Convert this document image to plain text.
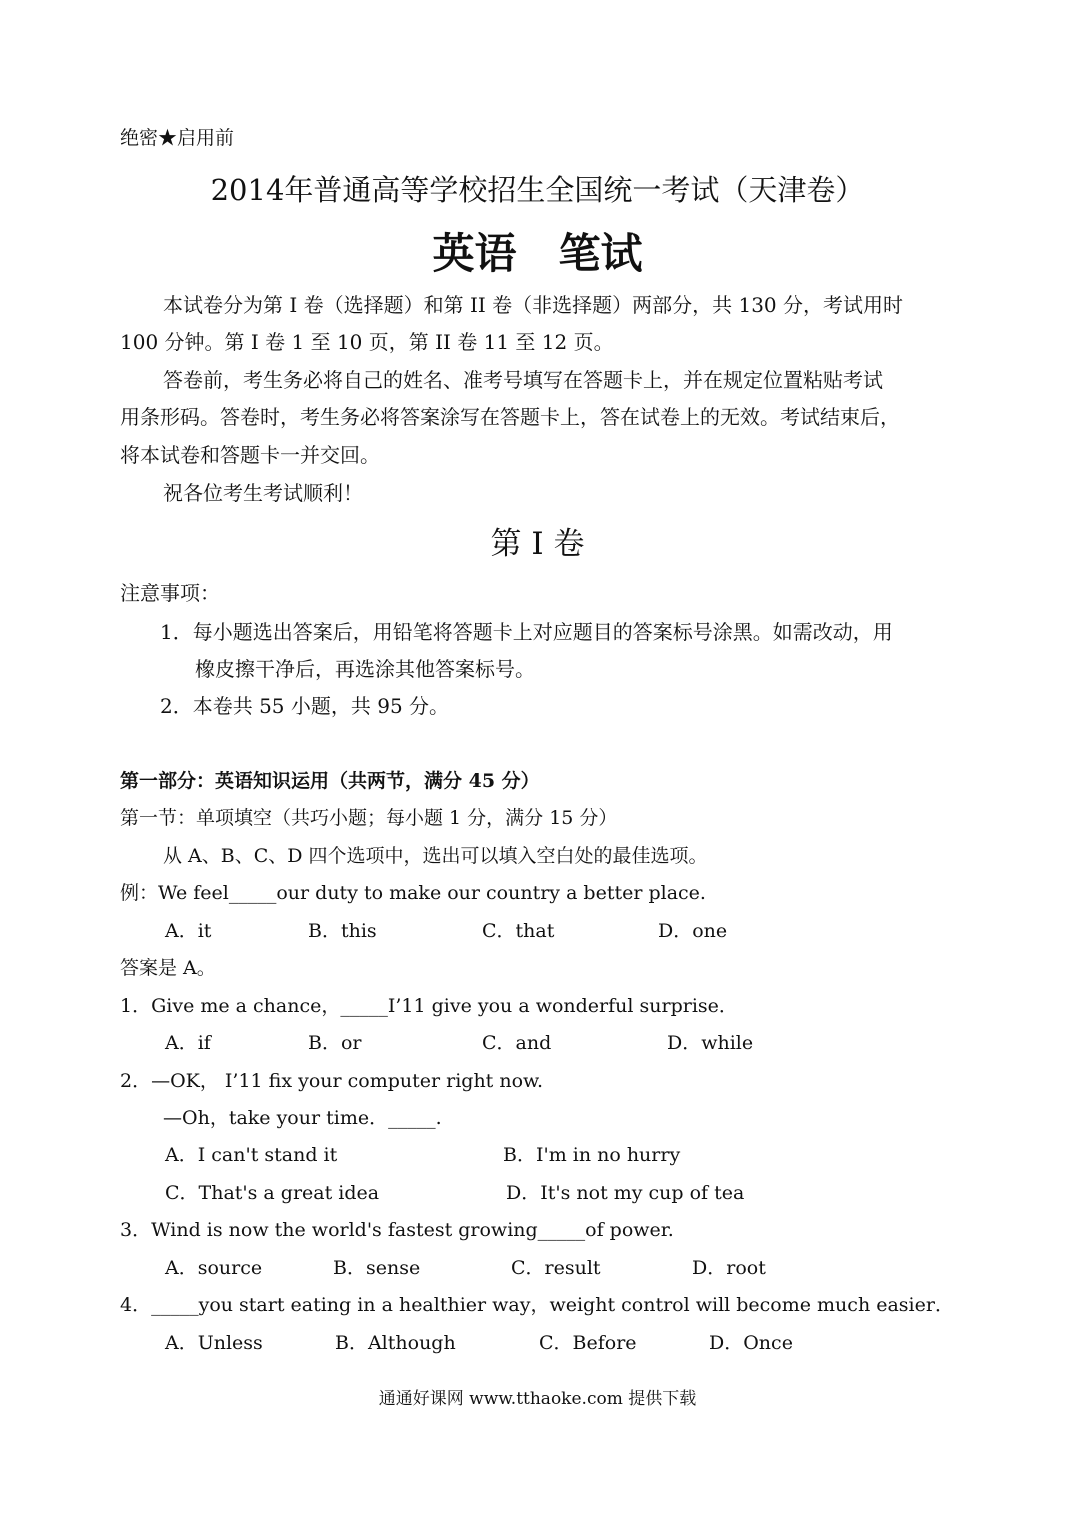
绝密★启用前
2014年普通高等学校招生全国统一考试（天津卷）
英语　笔试
本试卷分为第 I 卷（选择题）和第 II 卷（非选择题）两部分，共 130 分，考试用时
100 分钟。第 I 卷 1 至 10 页，第 II 卷 11 至 12 页。
答卷前，考生务必将自己的姓名、准考号填写在答题卡上，并在规定位置粘贴考试
用条形码。答卷时，考生务必将答案涂写在答题卡上，答在试卷上的无效。考试结束后，
将本试卷和答题卡一并交回。
祝各位考生考试顺利！
第 I 卷
注意事项：
1．每小题选出答案后，用铅笔将答题卡上对应题目的答案标号涂黑。如需改动，用
橡皮擦干净后，再选涂其他答案标号。
2．本卷共 55 小题，共 95 分。
第一部分：英语知识运用（共两节，满分 45 分）
第一节：单项填空（共巧小题；每小题 1 分，满分 15 分）
从 A、B、C、D 四个选项中，选出可以填入空白处的最佳选项。
例：We feel_____our duty to make our country a better place.
A．it	B．this	C．that	D．one
答案是 A。
1．Give me a chance，_____I’11 give you a wonderful surprise．
A．if	B．or	C．and	D．while
2．—OK， I’11 fix your computer right now.
—Oh，take your time．_____.
A．I can't stand it	B．I'm in no hurry
C．That's a great idea	D．It's not my cup of tea
3．Wind is now the world's fastest growing_____of power.
A．source	B．sense	C．result	D．root
4．_____you start eating in a healthier way，weight control will become much easier．
A．Unless	B．Although	C．Before	D．Once
通通好课网 www.tthaoke.com 提供下载
